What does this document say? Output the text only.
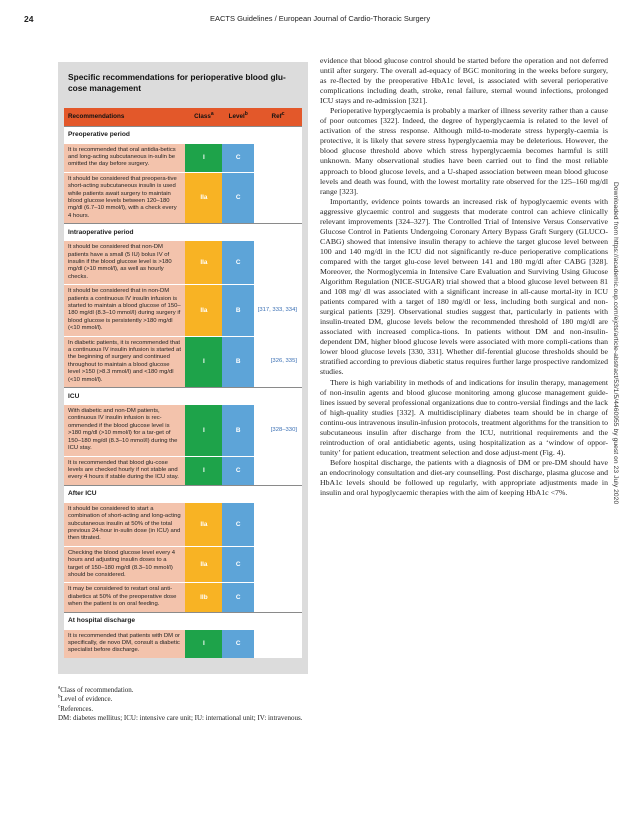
24	EACTS Guidelines / European Journal of Cardio-Thoracic Surgery
Downloaded from https://academic.oup.com/ejcts/article-abstract/53/1/5/4460955 by guest on 23 July 2020
Specific recommendations for perioperative blood glu-cose management
Recommendations	Class$^a$	Level$^b$	Ref$^c$
Preoperative period			
It is recommended that oral antidia-betics and long-acting subcutaneous in-sulin be omitted the day before surgery.	I	C	
It should be considered that preopera-tive short-acting subcutaneous insulin is used while patients await surgery to maintain blood glucose levels between 120–180 mg/dl (6.7–10 mmol/l), with a check every 4 hours.	IIa	C	
Intraoperative period			
It should be considered that non-DM patients have a small (5 IU) bolus IV of insulin if the blood glucose level is >180 mg/dl (>10 mmol/l), as well as hourly checks.	IIa	C	
It should be considered that in non-DM patients a continuous IV insulin infusion is started to maintain a blood glucose of 150–180 mg/dl (8.3–10 mmol/l) during surgery if blood glucose is persistently >180 mg/dl (<10 mmol/l).	IIa	B	[317, 333, 334]
In diabetic patients, it is recommended that a continuous IV insulin infusion is started at the beginning of surgery and continued throughout to maintain a blood glucose level >150 (>8.3 mmol/l) and <180 mg/dl (<10 mmol/l).	I	B	[326, 335]
ICU			
With diabetic and non-DM patients, continuous IV insulin infusion is rec-ommended if the blood glucose level is >180 mg/dl (>10 mmol/l) for a tar-get of 150–180 mg/dl (8.3–10 mmol/l) during the ICU stay.	I	B	[328–330]
It is recommended that blood glu-cose levels are checked hourly if not stable and every 4 hours if stable during the ICU stay.	I	C	
After ICU			
It should be considered to start a combination of short-acting and long-acting subcutaneous insulin at 50% of the total previous 24-hour in-sulin dose (in ICU) and then titrated.	IIa	C	
Checking the blood glucose level every 4 hours and adjusting insulin doses to a target of 150–180 mg/dl (8.3–10 mmol/l) should be considered.	IIa	C	
It may be considered to restart oral anti-diabetics at 50% of the preoperative dose when the patient is on oral feeding.	IIb	C	
At hospital discharge			
It is recommended that patients with DM or specifically, de novo DM, consult a diabetic specialist before discharge.	I	C	
$^a$Class of recommendation.
$^b$Level of evidence.
$^c$References.
DM: diabetes mellitus; ICU: intensive care unit; IU: international unit; IV: intravenous.

evidence that blood glucose control should be started before the operation and not deferred until after surgery. The overall ad-equacy of BGC monitoring in the weeks before surgery, as re-flected by the preoperative HbA1c level, is associated with several perioperative complications including death, stroke, renal failure, sternal wound infections, prolonged ICU stays and re-admission [321].

Perioperative hyperglycaemia is probably a marker of illness severity rather than a cause of poor outcomes [322]. Indeed, the degree of hyperglycaemia is related to the level of activation of the stress response. Although mild-to-moderate stress hypergly-caemia is protective, it is likely that severe stress hyperglycaemia may be deleterious. However, the blood glucose threshold above which stress hyperglycaemia becomes harmful is still unknown. Many observational studies have been carried out to find the most reliable approach to blood glucose levels, and a U-shaped association between mean blood glucose levels and death was found, with the lowest mortality rate observed for the 125–160 mg/dl range [323].

Importantly, evidence points towards an increased risk of hypoglycaemic events with aggressive glycaemic control and suggests that moderate control can achieve clinically relevant improvements [324–327]. The Controlled Trial of Intensive Versus Conservative Glucose Control in Patients Undergoing Coronary Artery Bypass Graft Surgery (GLUCO-CABG) showed that intensive insulin therapy to achieve the target glucose level between 100 and 140 mg/dl in the ICU did not significantly re-duce perioperative complications compared with the target glu-cose level between 141 and 180 mg/dl after CABG [328]. Moreover, the Normoglycemia in Intensive Care Evaluation and Surviving Using Glucose Algorithm Regulation (NICE-SUGAR) trial showed that a blood glucose level between 81 and 108 mg/ dl was associated with a significant increase in all-cause mortal-ity in ICU patients compared with a target of 180 mg/dl or less, including both surgical and non-surgical patients [329]. Observational studies suggest that, particularly in patients with insulin-treated DM, glucose levels below the recommended threshold of 180 mg/dl are associated with increased complica-tions. In patients without DM and non-insulin-dependent DM, higher blood glucose levels were associated with more compli-cations than lower blood glucose levels [330, 331]. Whether dif-ferential glucose thresholds should be stratified according to previous diabetic status requires further large prospective randomized studies.

There is high variability in methods of and indications for insulin therapy, management of non-insulin agents and blood glucose monitoring among glucose management guide-lines issued by several professional organizations due to contro-versial findings and the lack of high-quality studies [332]. A multidisciplinary diabetes team should be in charge of continu-ous intravenous insulin-infusion protocols, treatment algorithms for the transition to subcutaneous insulin after discharge from the ICU, nutritional requirements and the reintroduction of oral antidiabetic agents, using hospitalization as a ‘window of oppor-tunity’ for patient education, treatment selection and dose adjust-ment (Fig. 4).

Before hospital discharge, the patients with a diagnosis of DM or pre-DM should have an endocrinology consultation and diet-ary counselling. Post discharge, plasma glucose and HbA1c levels should be followed up regularly, with appropriate adjustments made in insulin and oral hypoglycaemic therapies with the aim of keeping HbA1c <7%.
